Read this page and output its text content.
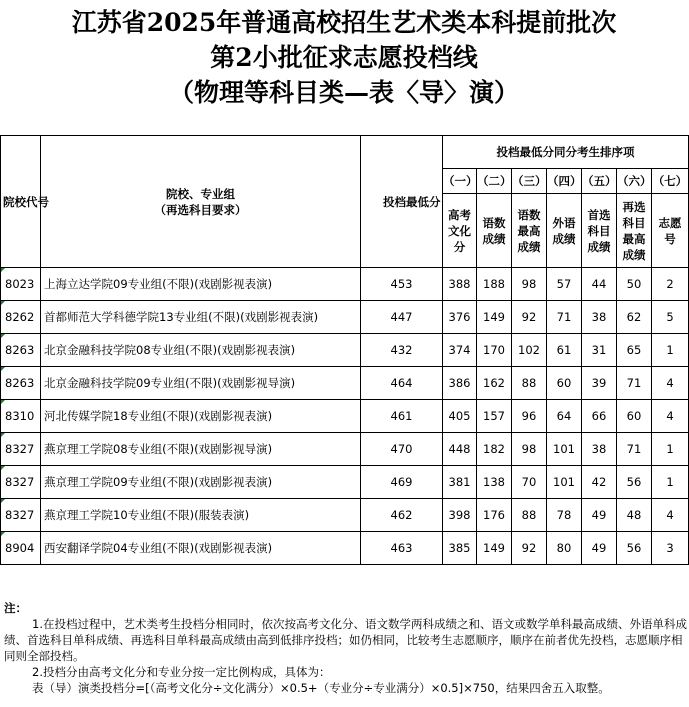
江苏省2025年普通高校招生艺术类本科提前批次
第2小批征求志愿投档线
（物理等科目类—表〈导〉演）
院校代号	院校、专业组
（再选科目要求）	投档最低分	投档最低分同分考生排序项						
			（一）	（二）	（三）	（四）	（五）	（六）	（七）
			高考文化分	语数成绩	语数最高成绩	外语成绩	首选科目成绩	再选科目最高成绩	志愿号
8023	上海立达学院09专业组(不限)(戏剧影视表演)	453	388	188	98	57	44	50	2
8262	首都师范大学科德学院13专业组(不限)(戏剧影视表演)	447	376	149	92	71	38	62	5
8263	北京金融科技学院08专业组(不限)(戏剧影视表演)	432	374	170	102	61	31	65	1
8263	北京金融科技学院09专业组(不限)(戏剧影视导演)	464	386	162	88	60	39	71	4
8310	河北传媒学院18专业组(不限)(戏剧影视表演)	461	405	157	96	64	66	60	4
8327	燕京理工学院08专业组(不限)(戏剧影视导演)	470	448	182	98	101	38	71	1
8327	燕京理工学院09专业组(不限)(戏剧影视表演)	469	381	138	70	101	42	56	1
8327	燕京理工学院10专业组(不限)(服装表演)	462	398	176	88	78	49	48	4
8904	西安翻译学院04专业组(不限)(戏剧影视表演)	463	385	149	92	80	49	56	3

注：

1.在投档过程中，艺术类考生投档分相同时，依次按高考文化分、语文数学两科成绩之和、语文或数学单科最高成绩、外语单科成绩、首选科目单科成绩、再选科目单科最高成绩由高到低排序投档；如仍相同，比较考生志愿顺序，顺序在前者优先投档，志愿顺序相同则全部投档。

2.投档分由高考文化分和专业分按一定比例构成，具体为：

表（导）演类投档分=[（高考文化分÷文化满分）×0.5+（专业分÷专业满分）×0.5]×750，结果四舍五入取整。
